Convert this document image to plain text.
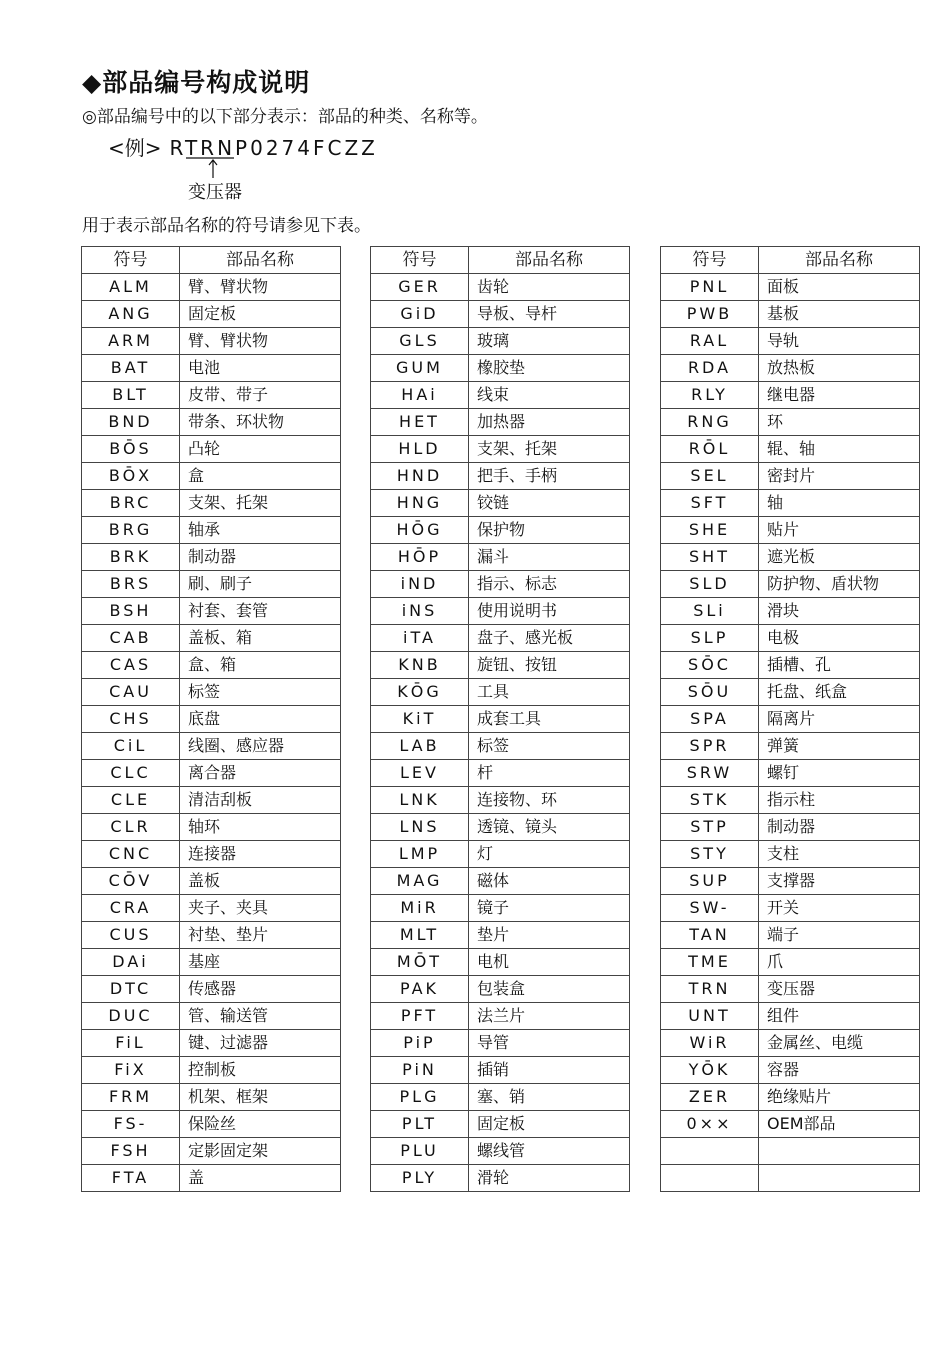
◆部品编号构成说明
◎部品编号中的以下部分表示：部品的种类、名称等。
<例> RTRNP0274FCZZ
变压器
用于表示部品名称的符号请参见下表。
符号	部品名称
ALM	臂、臂状物
ANG	固定板
ARM	臂、臂状物
BAT	电池
BLT	皮带、带子
BND	带条、环状物
BŌS	凸轮
BŌX	盒
BRC	支架、托架
BRG	轴承
BRK	制动器
BRS	刷、刷子
BSH	衬套、套管
CAB	盖板、箱
CAS	盒、箱
CAU	标签
CHS	底盘
CiL	线圈、感应器
CLC	离合器
CLE	清洁刮板
CLR	轴环
CNC	连接器
CŌV	盖板
CRA	夹子、夹具
CUS	衬垫、垫片
DAi	基座
DTC	传感器
DUC	管、输送管
FiL	键、过滤器
FiX	控制板
FRM	机架、框架
FS-	保险丝
FSH	定影固定架
FTA	盖
符号	部品名称
GER	齿轮
GiD	导板、导杆
GLS	玻璃
GUM	橡胶垫
HAi	线束
HET	加热器
HLD	支架、托架
HND	把手、手柄
HNG	铰链
HŌG	保护物
HŌP	漏斗
iND	指示、标志
iNS	使用说明书
iTA	盘子、感光板
KNB	旋钮、按钮
KŌG	工具
KiT	成套工具
LAB	标签
LEV	杆
LNK	连接物、环
LNS	透镜、镜头
LMP	灯
MAG	磁体
MiR	镜子
MLT	垫片
MŌT	电机
PAK	包装盒
PFT	法兰片
PiP	导管
PiN	插销
PLG	塞、销
PLT	固定板
PLU	螺线管
PLY	滑轮
符号	部品名称
PNL	面板
PWB	基板
RAL	导轨
RDA	放热板
RLY	继电器
RNG	环
RŌL	辊、轴
SEL	密封片
SFT	轴
SHE	贴片
SHT	遮光板
SLD	防护物、盾状物
SLi	滑块
SLP	电极
SŌC	插槽、孔
SŌU	托盘、纸盒
SPA	隔离片
SPR	弹簧
SRW	螺钉
STK	指示柱
STP	制动器
STY	支柱
SUP	支撑器
SW-	开关
TAN	端子
TME	爪
TRN	变压器
UNT	组件
WiR	金属丝、电缆
YŌK	容器
ZER	绝缘贴片
0××	OEM部品
